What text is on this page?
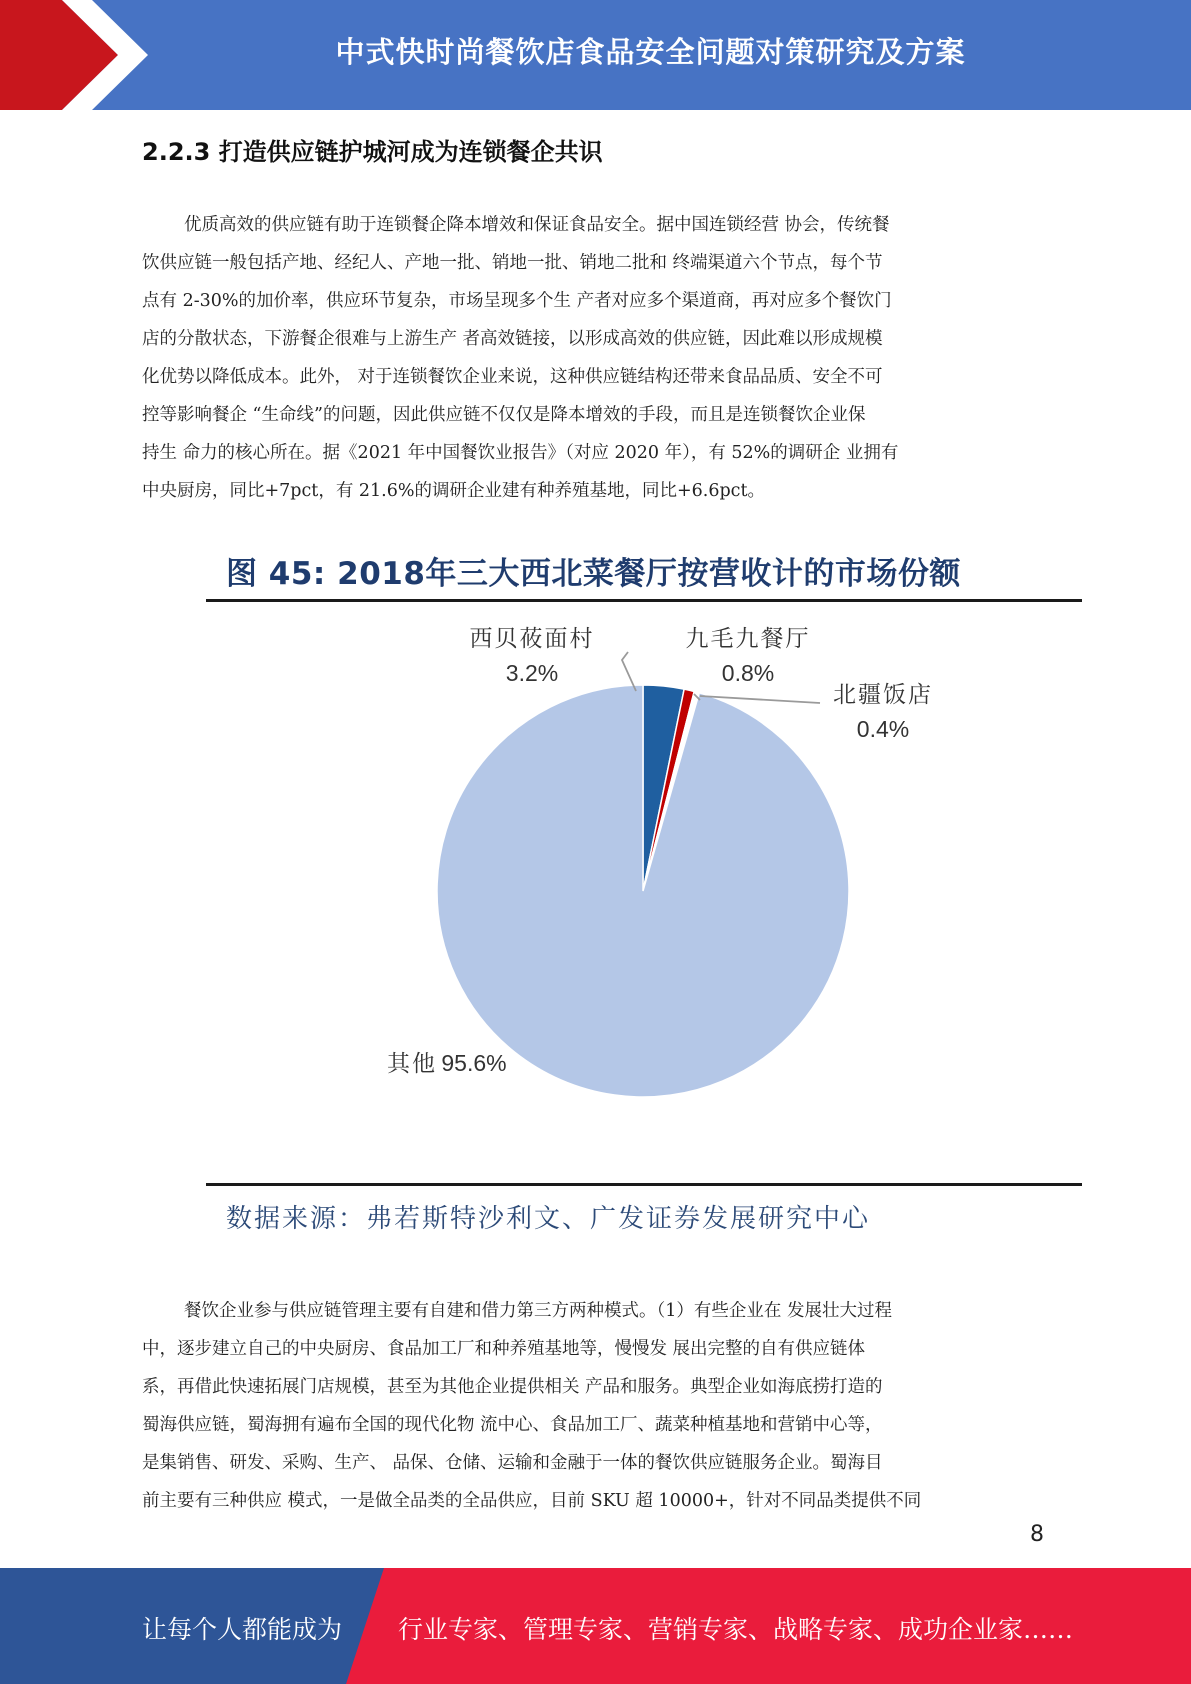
中式快时尚餐饮店食品安全问题对策研究及方案
2.2.3 打造供应链护城河成为连锁餐企共识
优质高效的供应链有助于连锁餐企降本增效和保证食品安全。据中国连锁经营 协会，传统餐
饮供应链一般包括产地、经纪人、产地一批、销地一批、销地二批和 终端渠道六个节点，每个节
点有 2-30%的加价率，供应环节复杂，市场呈现多个生 产者对应多个渠道商，再对应多个餐饮门
店的分散状态，下游餐企很难与上游生产 者高效链接，以形成高效的供应链，因此难以形成规模
化优势以降低成本。此外， 对于连锁餐饮企业来说，这种供应链结构还带来食品品质、安全不可
控等影响餐企 “生命线”的问题，因此供应链不仅仅是降本增效的手段，而且是连锁餐饮企业保
持生 命力的核心所在。据《2021 年中国餐饮业报告》（对应 2020 年），有 52%的调研企 业拥有
中央厨房，同比+7pct，有 21.6%的调研企业建有种养殖基地，同比+6.6pct。
图 45: 2018年三大西北菜餐厅按营收计的市场份额
西贝莜面村
3.2%
九毛九餐厅
0.8%
北疆饭店
0.4%
其他 95.6%
数据来源：弗若斯特沙利文、广发证券发展研究中心
餐饮企业参与供应链管理主要有自建和借力第三方两种模式。（1）有些企业在 发展壮大过程
中，逐步建立自己的中央厨房、食品加工厂和种养殖基地等，慢慢发 展出完整的自有供应链体
系，再借此快速拓展门店规模，甚至为其他企业提供相关 产品和服务。典型企业如海底捞打造的
蜀海供应链，蜀海拥有遍布全国的现代化物 流中心、食品加工厂、蔬菜种植基地和营销中心等，
是集销售、研发、采购、生产、 品保、仓储、运输和金融于一体的餐饮供应链服务企业。蜀海目
前主要有三种供应 模式，一是做全品类的全品供应，目前 SKU 超 10000+，针对不同品类提供不同
8
让每个人都能成为 行业专家、管理专家、营销专家、战略专家、成功企业家……
